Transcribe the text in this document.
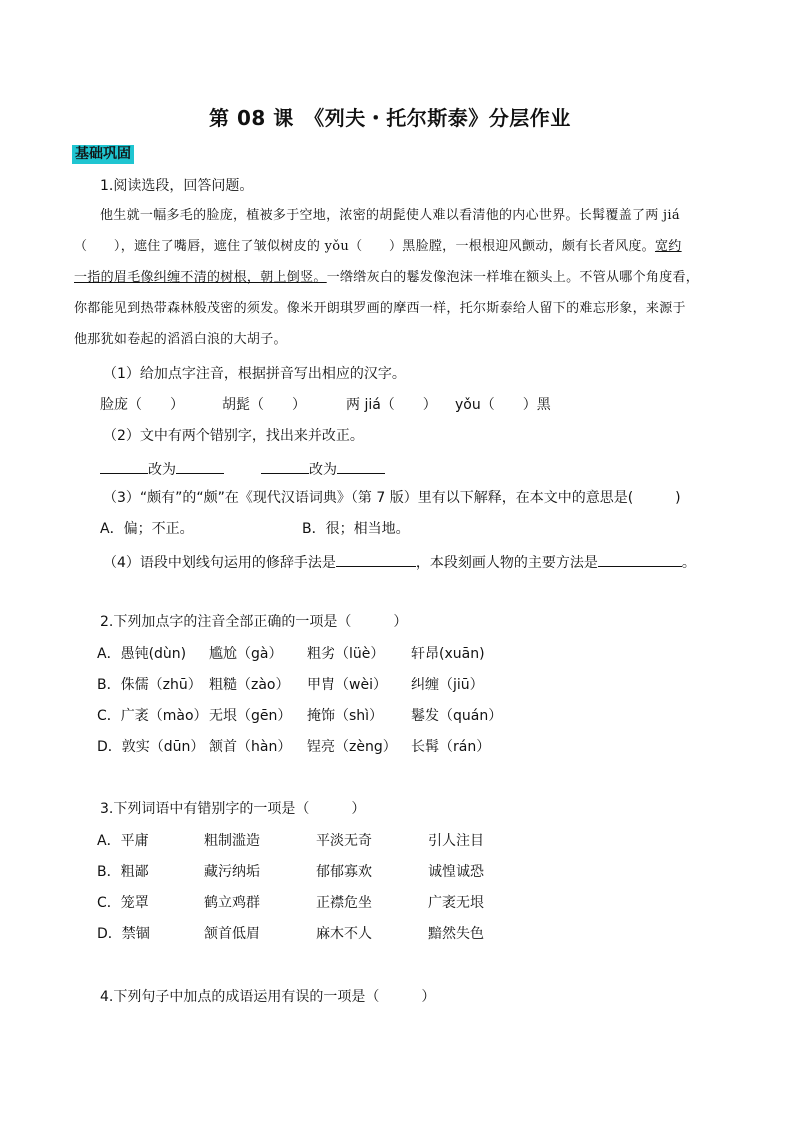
第 08 课　《列夫・托尔斯泰》分层作业
基础巩固
1.阅读选段，回答问题。
他生就一幅多毛的脸庞，植被多于空地，浓密的胡髭使人难以看清他的内心世界。长髯覆盖了两 jiá
（　　），遮住了嘴唇，遮住了皱似树皮的 yǒu（　　）黑脸膛，一根根迎风颤动，颇有长者风度。宽约
一指的眉毛像纠缠不清的树根，朝上倒竖。一绺绺灰白的鬈发像泡沫一样堆在额头上。不管从哪个角度看，
你都能见到热带森林般茂密的须发。像米开朗琪罗画的摩西一样，托尔斯泰给人留下的难忘形象，来源于
他那犹如卷起的滔滔白浪的大胡子。
（1）给加点字注音，根据拼音写出相应的汉字。
脸庞（　　）	胡髭（　　）	两 jiá（　　） yǒu（　　）黑
（2）文中有两个错别字，找出来并改正。
改为	改为
（3）“颇有”的“颇”在《现代汉语词典》（第 7 版）里有以下解释，在本文中的意思是(　　　)
A．偏；不正。	B．很；相当地。
（4）语段中划线句运用的修辞手法是	，本段刻画人物的主要方法是	。
2.下列加点字的注音全部正确的一项是（　　　）
A．愚钝(dùn) 尴尬（gà） 粗劣（lüè） 轩昂(xuān)
B．侏儒（zhū） 粗糙（zào） 甲胄（wèi） 纠缠（jiū）
C．广袤（mào） 无垠（gēn） 掩饰（shì） 鬈发（quán）
D．敦实（dūn） 颔首（hàn） 锃亮（zèng） 长髯（rán）
3.下列词语中有错别字的一项是（　　　）
A．平庸	粗制滥造	平淡无奇	引人注目
B．粗鄙	藏污纳垢	郁郁寡欢	诚惶诚恐
C．笼罩	鹤立鸡群	正襟危坐	广袤无垠
D．禁锢	颔首低眉	麻木不人	黯然失色
4.下列句子中加点的成语运用有误的一项是（　　　）
